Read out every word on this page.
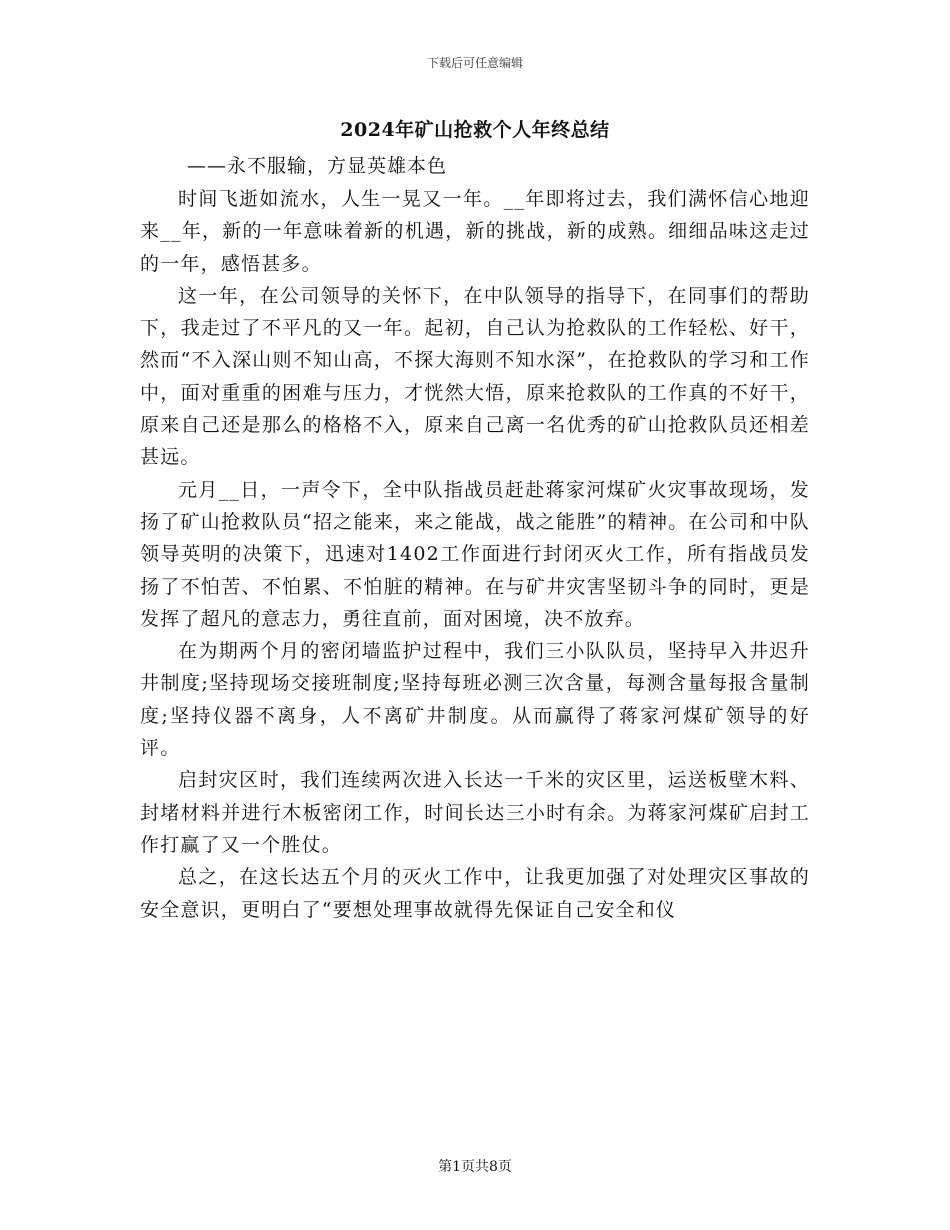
下载后可任意编辑
2024年矿山抢救个人年终总结
——永不服输，方显英雄本色

时间飞逝如流水，人生一晃又一年。__年即将过去，我们满怀信心地迎来__年，新的一年意味着新的机遇，新的挑战，新的成熟。细细品味这走过的一年，感悟甚多。

这一年，在公司领导的关怀下，在中队领导的指导下，在同事们的帮助下，我走过了不平凡的又一年。起初，自己认为抢救队的工作轻松、好干，然而“不入深山则不知山高，不探大海则不知水深”，在抢救队的学习和工作中，面对重重的困难与压力，才恍然大悟，原来抢救队的工作真的不好干，原来自己还是那么的格格不入，原来自己离一名优秀的矿山抢救队员还相差甚远。

元月__日，一声令下，全中队指战员赶赴蒋家河煤矿火灾事故现场，发扬了矿山抢救队员“招之能来，来之能战，战之能胜”的精神。在公司和中队领导英明的决策下，迅速对1402工作面进行封闭灭火工作，所有指战员发扬了不怕苦、不怕累、不怕脏的精神。在与矿井灾害坚韧斗争的同时，更是发挥了超凡的意志力，勇往直前，面对困境，决不放弃。

在为期两个月的密闭墙监护过程中，我们三小队队员，坚持早入井迟升井制度;坚持现场交接班制度;坚持每班必测三次含量，每测含量每报含量制度;坚持仪器不离身，人不离矿井制度。从而赢得了蒋家河煤矿领导的好评。

启封灾区时，我们连续两次进入长达一千米的灾区里，运送板壁木料、封堵材料并进行木板密闭工作，时间长达三小时有余。为蒋家河煤矿启封工作打赢了又一个胜仗。

总之，在这长达五个月的灭火工作中，让我更加强了对处理灾区事故的安全意识，更明白了“要想处理事故就得先保证自己安全和仪

第1页共8页
